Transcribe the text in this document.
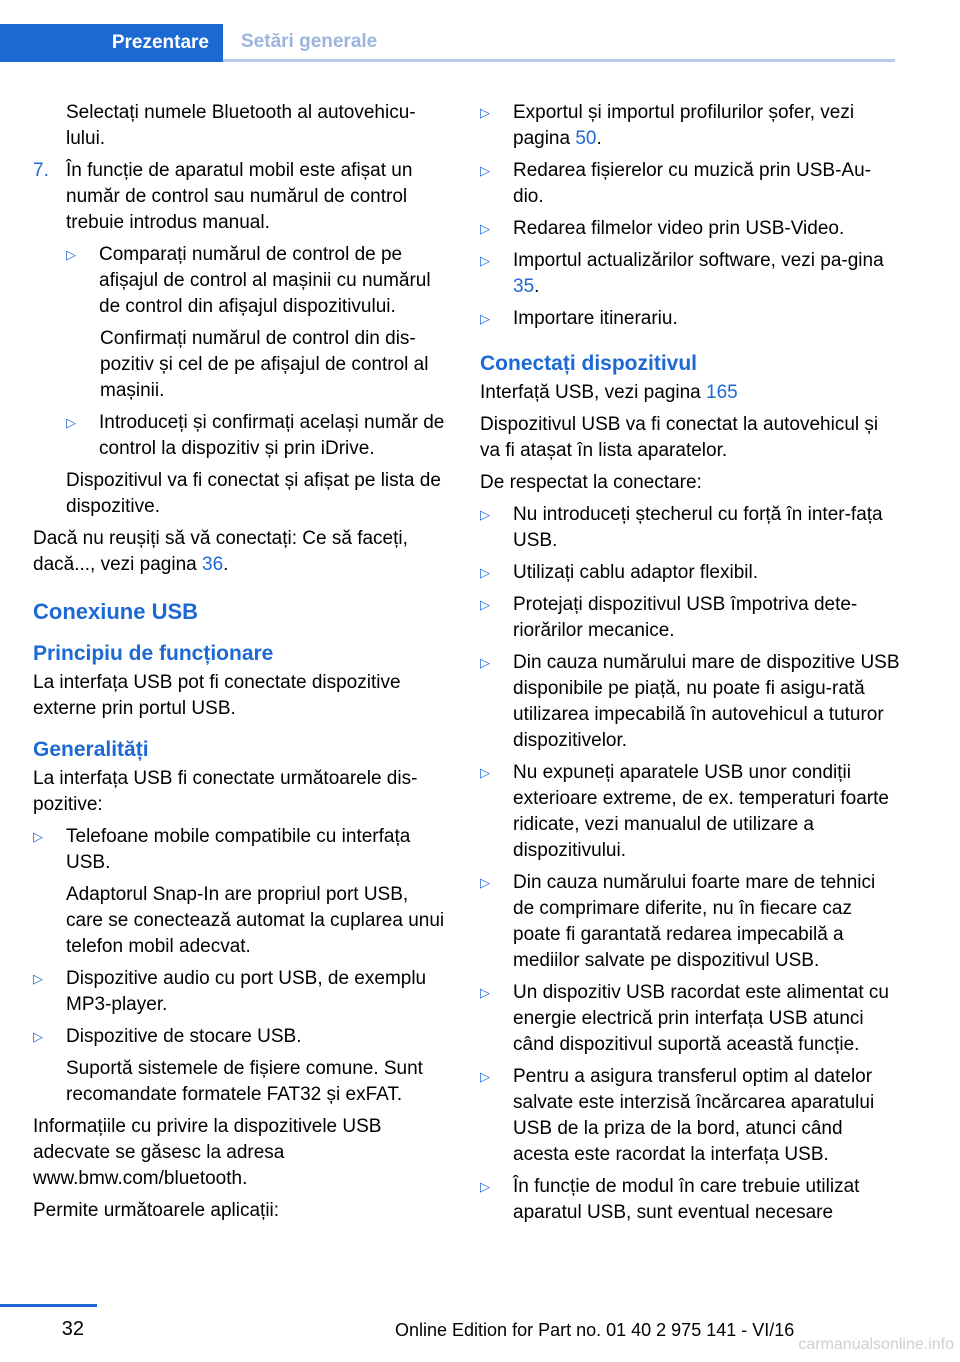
Prezentare	Setări generale

Selectați numele Bluetooth al autovehicu‐lului.

7. În funcție de aparatul mobil este afișat un număr de control sau numărul de control trebuie introdus manual.
▷	Comparați numărul de control de pe afișajul de control al mașinii cu numărul de control din afișajul dispozitivului.

Confirmați numărul de control din dis‐pozitiv și cel de pe afișajul de control al mașinii.

▷	Introduceți și confirmați același număr de control la dispozitiv și prin iDrive.

Dispozitivul va fi conectat și afișat pe lista de dispozitive.

Dacă nu reușiți să vă conectați: Ce să faceți, dacă..., vezi pagina 36.

Conexiune USB
Principiu de funcționare

La interfața USB pot fi conectate dispozitive externe prin portul USB.

Generalități

La interfața USB fi conectate următoarele dis‐pozitive:

▷	Telefoane mobile compatibile cu interfața USB.

Adaptorul Snap-In are propriul port USB, care se conectează automat la cuplarea unui telefon mobil adecvat.

▷	Dispozitive audio cu port USB, de exemplu MP3-player.
▷	Dispozitive de stocare USB.

Suportă sistemele de fișiere comune. Sunt recomandate formatele FAT32 și exFAT.

Informațiile cu privire la dispozitivele USB adecvate se găsesc la adresa www.bmw.com/bluetooth.

Permite următoarele aplicații:

▷	Exportul și importul profilurilor șofer, vezi pagina 50.
▷	Redarea fișierelor cu muzică prin USB-Au‐dio.
▷	Redarea filmelor video prin USB-Video.
▷	Importul actualizărilor software, vezi pa‐gina 35.
▷	Importare itinerariu.
Conectați dispozitivul

Interfață USB, vezi pagina 165

Dispozitivul USB va fi conectat la autovehicul și va fi atașat în lista aparatelor.

De respectat la conectare:

▷	Nu introduceți ștecherul cu forță în inter‐fața USB.
▷	Utilizați cablu adaptor flexibil.
▷	Protejați dispozitivul USB împotriva dete‐riorărilor mecanice.
▷	Din cauza numărului mare de dispozitive USB disponibile pe piață, nu poate fi asigu‐rată utilizarea impecabilă în autovehicul a tuturor dispozitivelor.
▷	Nu expuneți aparatele USB unor condiții exterioare extreme, de ex. temperaturi foarte ridicate, vezi manualul de utilizare a dispozitivului.
▷	Din cauza numărului foarte mare de tehnici de comprimare diferite, nu în fiecare caz poate fi garantată redarea impecabilă a mediilor salvate pe dispozitivul USB.
▷	Un dispozitiv USB racordat este alimentat cu energie electrică prin interfața USB atunci când dispozitivul suportă această funcție.
▷	Pentru a asigura transferul optim al datelor salvate este interzisă încărcarea aparatului USB de la priza de la bord, atunci când acesta este racordat la interfața USB.
▷	În funcție de modul în care trebuie utilizat aparatul USB, sunt eventual necesare
32	Online Edition for Part no. 01 40 2 975 141 - VI/16
carmanualsonline.info
